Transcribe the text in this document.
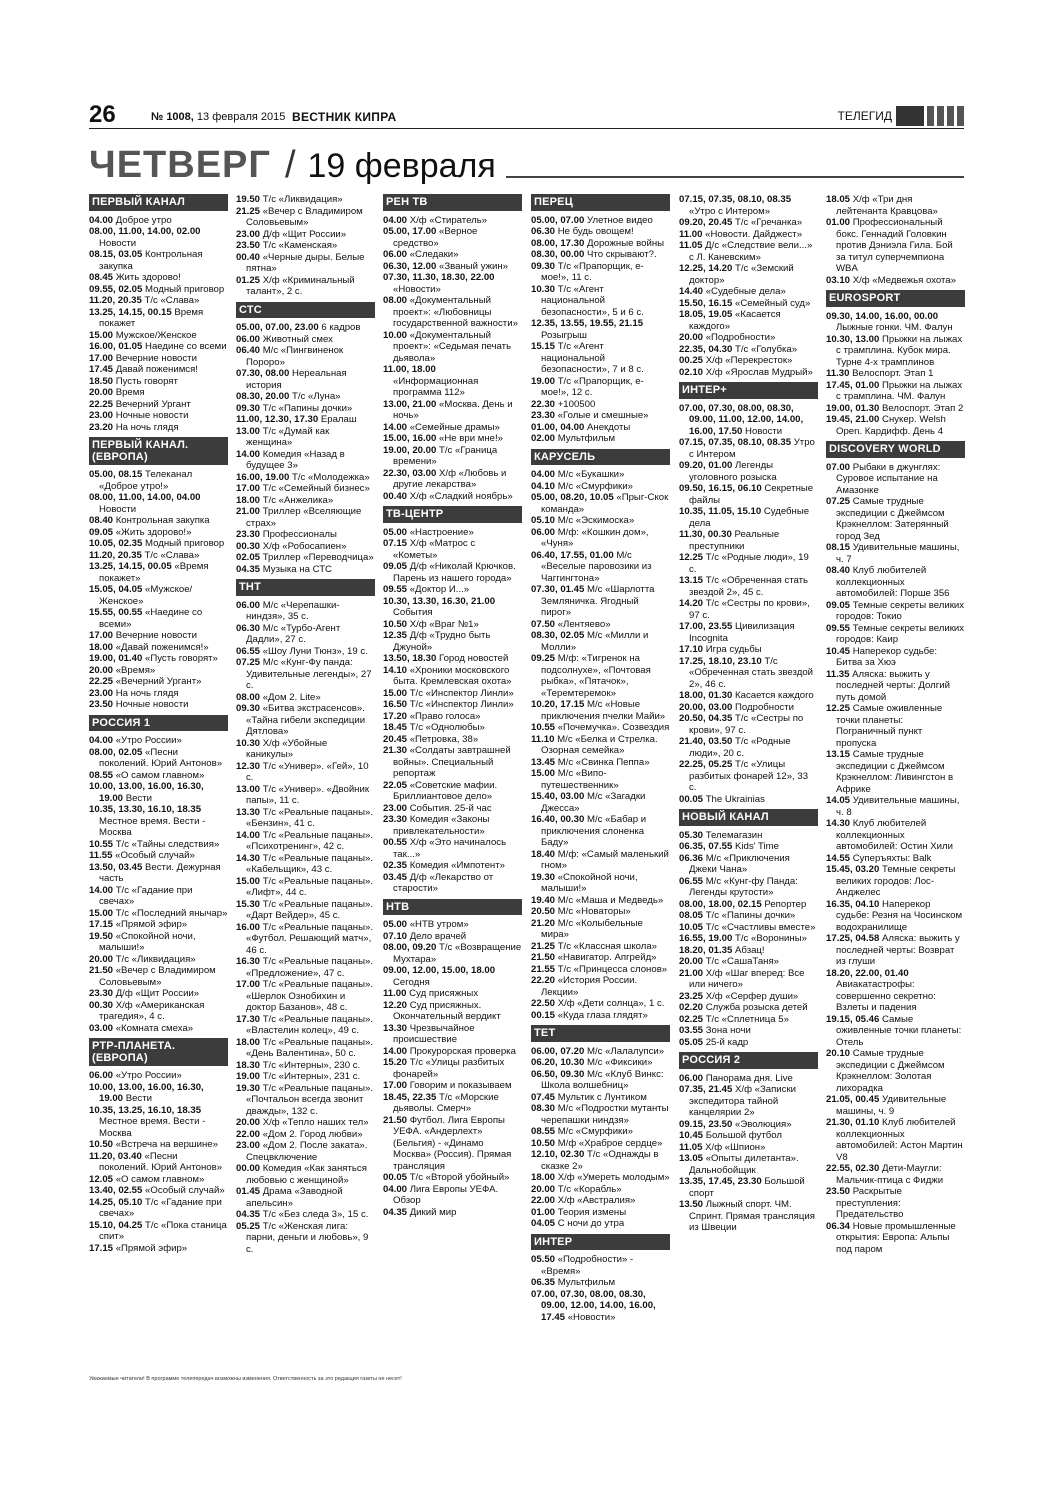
26	№ 1008, 13 февраля 2015 ВЕСТНИК КИПРА	ТЕЛЕГИД
ЧЕТВЕРГ / 19 февраля
ПЕРВЫЙ КАНАЛ

04.00 Доброе утро

08.00, 11.00, 14.00, 02.00 Новости

08.15, 03.05 Контрольная закупка

08.45 Жить здорово!

09.55, 02.05 Модный приговор

11.20, 20.35 Т/с «Слава»

13.25, 14.15, 00.15 Время покажет

15.00 Мужское/Женское

16.00, 01.05 Наедине со всеми

17.00 Вечерние новости

17.45 Давай поженимся!

18.50 Пусть говорят

20.00 Время

22.25 Вечерний Ургант

23.00 Ночные новости

23.20 На ночь глядя

ПЕРВЫЙ КАНАЛ. (ЕВРОПА)

05.00, 08.15 Телеканал «Доброе утро!»

08.00, 11.00, 14.00, 04.00 Новости

08.40 Контрольная закупка

09.05 «Жить здорово!»

10.05, 02.35 Модный приговор

11.20, 20.35 Т/с «Слава»

13.25, 14.15, 00.05 «Время покажет»

15.05, 04.05 «Мужское/Женское»

15.55, 00.55 «Наедине со всеми»

17.00 Вечерние новости

18.00 «Давай поженимся!»

19.00, 01.40 «Пусть говорят»

20.00 «Время»

22.25 «Вечерний Ургант»

23.00 На ночь глядя

23.50 Ночные новости

РОССИЯ 1

04.00 «Утро России»

08.00, 02.05 «Песни поколений. Юрий Антонов»

08.55 «О самом главном»

10.00, 13.00, 16.00, 16.30, 19.00 Вести

10.35, 13.30, 16.10, 18.35 Местное время. Вести - Москва

10.55 Т/с «Тайны следствия»

11.55 «Особый случай»

13.50, 03.45 Вести. Дежурная часть

14.00 Т/с «Гадание при свечах»

15.00 Т/с «Последний янычар»

17.15 «Прямой эфир»

19.50 «Спокойной ночи, малыши!»

20.00 Т/с «Ликвидация»

21.50 «Вечер с Владимиром Соловьевым»

23.30 Д/ф «Щит России»

00.30 Х/ф «Американская трагедия», 4 с.

03.00 «Комната смеха»

РТР-ПЛАНЕТА. (ЕВРОПА)

06.00 «Утро России»

10.00, 13.00, 16.00, 16.30, 19.00 Вести

10.35, 13.25, 16.10, 18.35 Местное время. Вести - Москва

10.50 «Встреча на вершине»

11.20, 03.40 «Песни поколений. Юрий Антонов»

12.05 «О самом главном»

13.40, 02.55 «Особый случай»

14.25, 05.10 Т/с «Гадание при свечах»

15.10, 04.25 Т/с «Пока станица спит»

17.15 «Прямой эфир»

19.50 Т/с «Ликвидация»

21.25 «Вечер с Владимиром Соловьевым»

23.00 Д/ф «Щит России»

23.50 Т/с «Каменская»

00.40 «Черные дыры. Белые пятна»

01.25 Х/ф «Криминальный талант», 2 с.

СТС

05.00, 07.00, 23.00 6 кадров

06.00 Животный смех

06.40 М/с «Пингвиненок Пороро»

07.30, 08.00 Нереальная история

08.30, 20.00 Т/с «Луна»

09.30 Т/с «Папины дочки»

11.00, 12.30, 17.30 Ералаш

13.00 Т/с «Думай как женщина»

14.00 Комедия «Назад в будущее 3»

16.00, 19.00 Т/с «Молодежка»

17.00 Т/с «Семейный бизнес»

18.00 Т/с «Анжелика»

21.00 Триллер «Вселяющие страх»

23.30 Профессионалы

00.30 Х/ф «Робосапиен»

02.05 Триллер «Переводчица»

04.35 Музыка на СТС

ТНТ

06.00 М/с «Черепашки-ниндзя», 35 с.

06.30 М/с «Турбо-Агент Дадли», 27 с.

06.55 «Шоу Луни Тюнз», 19 с.

07.25 М/с «Кунг-Фу панда: Удивительные легенды», 27 с.

08.00 «Дом 2. Lite»

09.30 «Битва экстрасенсов». «Тайна гибели экспедиции Дятлова»

10.30 Х/ф «Убойные каникулы»

12.30 Т/с «Универ». «Гей», 10 с.

13.00 Т/с «Универ». «Двойник папы», 11 с.

13.30 Т/с «Реальные пацаны». «Бензин», 41 с.

14.00 Т/с «Реальные пацаны». «Психотренинг», 42 с.

14.30 Т/с «Реальные пацаны». «Кабельщик», 43 с.

15.00 Т/с «Реальные пацаны». «Лифт», 44 с.

15.30 Т/с «Реальные пацаны». «Дарт Вейдер», 45 с.

16.00 Т/с «Реальные пацаны». «Футбол. Решающий матч», 46 с.

16.30 Т/с «Реальные пацаны». «Предложение», 47 с.

17.00 Т/с «Реальные пацаны». «Шерлок Ознобихин и доктор Базанов», 48 с.

17.30 Т/с «Реальные пацаны». «Властелин колец», 49 с.

18.00 Т/с «Реальные пацаны». «День Валентина», 50 с.

18.30 Т/с «Интерны», 230 с.

19.00 Т/с «Интерны», 231 с.

19.30 Т/с «Реальные пацаны». «Почтальон всегда звонит дважды», 132 с.

20.00 Х/ф «Тепло наших тел»

22.00 «Дом 2. Город любви»

23.00 «Дом 2. После заката». Спецвключение

00.00 Комедия «Как заняться любовью с женщиной»

01.45 Драма «Заводной апельсин»

04.35 Т/с «Без следа 3», 15 с.

05.25 Т/с «Женская лига: парни, деньги и любовь», 9 с.

РЕН ТВ

04.00 Х/ф «Стиратель»

05.00, 17.00 «Верное средство»

06.00 «Следаки»

06.30, 12.00 «Званый ужин»

07.30, 11.30, 18.30, 22.00 «Новости»

08.00 «Документальный проект»: «Любовницы государственной важности»

10.00 «Документальный проект»: «Седьмая печать дьявола»

11.00, 18.00 «Информационная программа 112»

13.00, 21.00 «Москва. День и ночь»

14.00 «Семейные драмы»

15.00, 16.00 «Не ври мне!»

19.00, 20.00 Т/с «Граница времени»

22.30, 03.00 Х/ф «Любовь и другие лекарства»

00.40 Х/ф «Сладкий ноябрь»

ТВ-ЦЕНТР

05.00 «Настроение»

07.15 Х/ф «Матрос с «Кометы»

09.05 Д/ф «Николай Крючков. Парень из нашего города»

09.55 «Доктор И...»

10.30, 13.30, 16.30, 21.00 События

10.50 Х/ф «Враг №1»

12.35 Д/ф «Трудно быть Джуной»

13.50, 18.30 Город новостей

14.10 «Хроники московского быта. Кремлевская охота»

15.00 Т/с «Инспектор Линли»

16.50 Т/с «Инспектор Линли»

17.20 «Право голоса»

18.45 Т/с «Однолюбы»

20.45 «Петровка, 38»

21.30 «Солдаты завтрашней войны». Специальный репортаж

22.05 «Советские мафии. Бриллиантовое дело»

23.00 События. 25-й час

23.30 Комедия «Законы привлекательности»

00.55 Х/ф «Это начиналось так...»

02.35 Комедия «Импотент»

03.45 Д/ф «Лекарство от старости»

НТВ

05.00 «НТВ утром»

07.10 Дело врачей

08.00, 09.20 Т/с «Возвращение Мухтара»

09.00, 12.00, 15.00, 18.00 Сегодня

11.00 Суд присяжных

12.20 Суд присяжных. Окончательный вердикт

13.30 Чрезвычайное происшествие

14.00 Прокурорская проверка

15.20 Т/с «Улицы разбитых фонарей»

17.00 Говорим и показываем

18.45, 22.35 Т/с «Морские дьяволы. Смерч»

21.50 Футбол. Лига Европы УЕФА. «Андерлехт» (Бельгия) - «Динамо Москва» (Россия). Прямая трансляция

00.05 Т/с «Второй убойный»

04.00 Лига Европы УЕФА. Обзор

04.35 Дикий мир

ПЕРЕЦ

05.00, 07.00 Улетное видео

06.30 Не будь овощем!

08.00, 17.30 Дорожные войны

08.30, 00.00 Что скрывают?.

09.30 Т/с «Прапорщик, е-мое!», 11 с.

10.30 Т/с «Агент национальной безопасности», 5 и 6 с.

12.35, 13.55, 19.55, 21.15 Розыгрыш

15.15 Т/с «Агент национальной безопасности», 7 и 8 с.

19.00 Т/с «Прапорщик, е-мое!», 12 с.

22.30 +100500

23.30 «Голые и смешные»

01.00, 04.00 Анекдоты

02.00 Мультфильм

КАРУСЕЛЬ

04.00 М/с «Букашки»

04.10 М/с «Смурфики»

05.00, 08.20, 10.05 «Прыг-Скок команда»

05.10 М/с «Эскимоска»

06.00 М/ф: «Кошкин дом», «Чуня»

06.40, 17.55, 01.00 М/с «Веселые паровозики из Чаггингтона»

07.30, 01.45 М/с «Шарлотта Земляничка. Ягодный пирог»

07.50 «Лентяево»

08.30, 02.05 М/с «Милли и Молли»

09.25 М/ф: «Тигренок на подсолнухе», «Почтовая рыбка», «Пятачок», «Теремтеремок»

10.20, 17.15 М/с «Новые приключения пчелки Майи»

10.55 «Почемучка». Созвездия

11.10 М/с «Белка и Стрелка. Озорная семейка»

13.45 М/с «Свинка Пеппа»

15.00 М/с «Випо-путешественник»

15.40, 03.00 М/с «Загадки Джесса»

16.40, 00.30 М/с «Бабар и приключения слоненка Баду»

18.40 М/ф: «Самый маленький гном»

19.30 «Спокойной ночи, малыши!»

19.40 М/с «Маша и Медведь»

20.50 М/с «Новаторы»

21.20 М/с «Колыбельные мира»

21.25 Т/с «Классная школа»

21.50 «Навигатор. Апгрейд»

21.55 Т/с «Принцесса слонов»

22.20 «История России. Лекции»

22.50 Х/ф «Дети солнца», 1 с.

00.15 «Куда глаза глядят»

ТЕТ

06.00, 07.20 М/с «Лалалупси»

06.20, 10.30 М/с «Фиксики»

06.50, 09.30 М/с «Клуб Винкс: Школа волшебниц»

07.45 Мультик с Лунтиком

08.30 М/с «Подростки мутанты черепашки ниндзя»

08.55 М/с «Смурфики»

10.50 М/ф «Храброе сердце»

12.10, 02.30 Т/с «Однажды в сказке 2»

18.00 Х/ф «Умереть молодым»

20.00 Т/с «Корабль»

22.00 Х/ф «Австралия»

01.00 Теория измены

04.05 С ночи до утра

ИНТЕР

05.50 «Подробности» - «Время»

06.35 Мультфильм

07.00, 07.30, 08.00, 08.30, 09.00, 12.00, 14.00, 16.00, 17.45 «Новости»

07.15, 07.35, 08.10, 08.35 «Утро с Интером»

09.20, 20.45 Т/с «Гречанка»

11.00 «Новости. Дайджест»

11.05 Д/с «Следствие вели...» с Л. Каневским»

12.25, 14.20 Т/с «Земский доктор»

14.40 «Судебные дела»

15.50, 16.15 «Семейный суд»

18.05, 19.05 «Касается каждого»

20.00 «Подробности»

22.35, 04.30 Т/с «Голубка»

00.25 Х/ф «Перекресток»

02.10 Х/ф «Ярослав Мудрый»

ИНТЕР+

07.00, 07.30, 08.00, 08.30, 09.00, 11.00, 12.00, 14.00, 16.00, 17.50 Новости

07.15, 07.35, 08.10, 08.35 Утро с Интером

09.20, 01.00 Легенды уголовного розыска

09.50, 16.15, 06.10 Секретные файлы

10.35, 11.05, 15.10 Судебные дела

11.30, 00.30 Реальные преступники

12.25 Т/с «Родные люди», 19 с.

13.15 Т/с «Обреченная стать звездой 2», 45 с.

14.20 Т/с «Сестры по крови», 97 с.

17.00, 23.55 Цивилизация Incognita

17.10 Игра судьбы

17.25, 18.10, 23.10 Т/с «Обреченная стать звездой 2», 46 с.

18.00, 01.30 Касается каждого

20.00, 03.00 Подробности

20.50, 04.35 Т/с «Сестры по крови», 97 с.

21.40, 03.50 Т/с «Родные люди», 20 с.

22.25, 05.25 Т/с «Улицы разбитых фонарей 12», 33 с.

00.05 The Ukrainias

НОВЫЙ КАНАЛ

05.30 Телемагазин

06.35, 07.55 Kids' Time

06.36 М/с «Приключения Джеки Чана»

06.55 М/с «Кунг-фу Панда: Легенды крутости»

08.00, 18.00, 02.15 Репортер

08.05 Т/с «Папины дочки»

10.05 Т/с «Счастливы вместе»

16.55, 19.00 Т/с «Воронины»

18.20, 01.35 Абзац!

20.00 Т/с «СашаТаня»

21.00 Х/ф «Шаг вперед: Все или ничего»

23.25 Х/ф «Серфер души»

02.20 Служба розыска детей

02.25 Т/с «Сплетница 5»

03.55 Зона ночи

05.05 25-й кадр

РОССИЯ 2

06.00 Панорама дня. Live

07.35, 21.45 Х/ф «Записки экспедитора тайной канцелярии 2»

09.15, 23.50 «Эволюция»

10.45 Большой футбол

11.05 Х/ф «Шпион»

13.05 «Опыты дилетанта». Дальнобойщик

13.35, 17.45, 23.30 Большой спорт

13.50 Лыжный спорт. ЧМ. Спринт. Прямая трансляция из Швеции

18.05 Х/ф «Три дня лейтенанта Кравцова»

01.00 Профессиональный бокс. Геннадий Головкин против Дэниэла Гила. Бой за титул суперчемпиона WBA

03.10 Х/ф «Медвежья охота»

EUROSPORT

09.30, 14.00, 16.00, 00.00 Лыжные гонки. ЧМ. Фалун

10.30, 13.00 Прыжки на лыжах с трамплина. Кубок мира. Турне 4-х трамплинов

11.30 Велоспорт. Этап 1

17.45, 01.00 Прыжки на лыжах с трамплина. ЧМ. Фалун

19.00, 01.30 Велоспорт. Этап 2

19.45, 21.00 Снукер. Welsh Open. Кардифф. День 4

DISCOVERY WORLD

07.00 Рыбаки в джунглях: Суровое испытание на Амазонке

07.25 Самые трудные экспедиции с Джеймсом Крэкнеллом: Затерянный город Зед

08.15 Удивительные машины, ч. 7

08.40 Клуб любителей коллекционных автомобилей: Порше 356

09.05 Темные секреты великих городов: Токио

09.55 Темные секреты великих городов: Каир

10.45 Наперекор судьбе: Битва за Хюэ

11.35 Аляска: выжить у последней черты: Долгий путь домой

12.25 Самые оживленные точки планеты: Пограничный пункт пропуска

13.15 Самые трудные экспедиции с Джеймсом Крэкнеллом: Ливингстон в Африке

14.05 Удивительные машины, ч. 8

14.30 Клуб любителей коллекционных автомобилей: Остин Хили

14.55 Суперъяхты: Balk

15.45, 03.20 Темные секреты великих городов: Лос-Анджелес

16.35, 04.10 Наперекор судьбе: Резня на Чосинском водохранилище

17.25, 04.58 Аляска: выжить у последней черты: Возврат из глуши

18.20, 22.00, 01.40 Авиакатастрофы: совершенно секретно: Взлеты и падения

19.15, 05.46 Самые оживленные точки планеты: Отель

20.10 Самые трудные экспедиции с Джеймсом Крэкнеллом: Золотая лихорадка

21.05, 00.45 Удивительные машины, ч. 9

21.30, 01.10 Клуб любителей коллекционных автомобилей: Астон Мартин V8

22.55, 02.30 Дети-Маугли: Мальчик-птица с Фиджи

23.50 Раскрытые преступления: Предательство

06.34 Новые промышленные открытия: Европа: Альпы под паром

Уважаемые читатели! В программе телепередач возможны изменения. Ответственность за это редакция газеты не несет!
